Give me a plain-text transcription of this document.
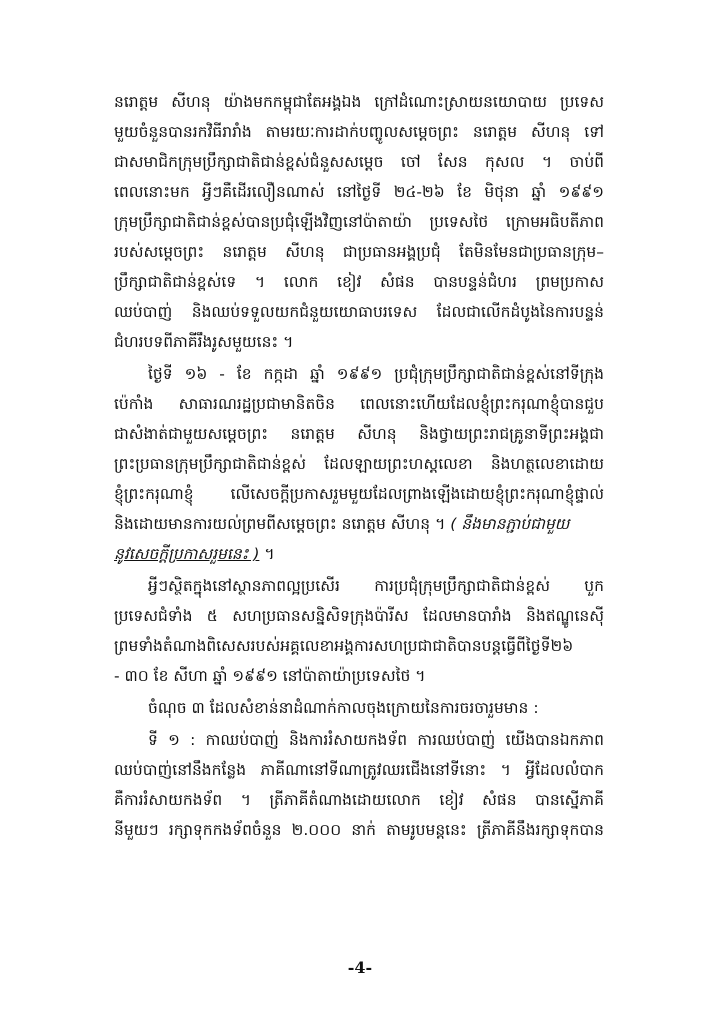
នរោត្ដម សីហនុ យ៉ាងមកកម្ពុជាតែអង្គឯង ក្រៅដំណោះស្រាយនយោបាយ ប្រទេស
មួយចំនួនបានរកវិធីរារាំង តាមរយៈការដាក់បញ្ចូលសម្ដេចព្រះ នរោត្ដម សីហនុ ទៅ
ជាសមាជិកក្រុមប្រឹក្សាជាតិជាន់ខ្ពស់ជំនួសសម្ដេច ចៅ សែន កុសល ។ ចាប់ពី
ពេលនោះមក អ្វីៗគឺដើរលឿនណាស់ នៅថ្ងៃទី ២៤-២៦ ខែ មិថុនា ឆ្នាំ ១៩៩១
ក្រុមប្រឹក្សាជាតិជាន់ខ្ពស់បានប្រជុំឡើងវិញនៅប៉ាតាយ៉ា ប្រទេសថៃ ក្រោមអធិបតីភាព
របស់សម្ដេចព្រះ នរោត្ដម សីហនុ ជាប្រធានអង្គប្រជុំ តែមិនមែនជាប្រធានក្រុម–
ប្រឹក្សាជាតិជាន់ខ្ពស់ទេ ។ លោក ខៀវ សំផន បានបន្ទន់ជំហរ ព្រមប្រកាស
ឈប់បាញ់ និងឈប់ទទួលយកជំនួយយោធាបរទេស ដែលជាលើកដំបូងនៃការបន្ទន់
ជំហរបទពីភាគីរឹងរូសមួយនេះ ។
ថ្ងៃទី ១៦ - ខែ កក្កដា ឆ្នាំ ១៩៩១ ប្រជុំក្រុមប្រឹក្សាជាតិជាន់ខ្ពស់នៅទីក្រុង
ប៉េកាំង សាធារណរដ្ឋប្រជាមានិតចិន ពេលនោះហើយដែលខ្ញុំព្រះករុណាខ្ញុំបានជួប
ជាសំងាត់ជាមួយសម្ដេចព្រះ នរោត្ដម សីហនុ និងថ្វាយព្រះរាជគ្រូនាទីព្រះអង្គជា
ព្រះប្រធានក្រុមប្រឹក្សាជាតិជាន់ខ្ពស់ ដែលឡាយព្រះហស្ដលេខា និងហត្ថលេខាដោយ
ខ្ញុំព្រះករុណាខ្ញុំ លើសេចក្ដីប្រកាសរួមមួយដែលព្រាងឡើងដោយខ្ញុំព្រះករុណាខ្ញុំផ្ទាល់
និងដោយមានការយល់ព្រមពីសម្ដេចព្រះ នរោត្ដម សីហនុ ។ ( នឹងមានភ្ជាប់ជាមួយ
នូវសេចក្ដីប្រកាសរួមនេះ ) ។
អ្វីៗស្ថិតក្នុងនៅស្ថានភាពល្អប្រសើរ ការប្រជុំក្រុមប្រឹក្សាជាតិជាន់ខ្ពស់ បួក
ប្រទេសជំទាំង ៥ សហប្រធានសន្និសិទក្រុងប៉ារីស ដែលមានបារាំង និងឥណ្ឌូនេស៊ី
ព្រមទាំងតំណាងពិសេសរបស់អគ្គលេខាអង្គការសហប្រជាជាតិបានបន្ដធ្វើពីថ្ងៃទី២៦
- ៣០ ខែ សីហា ឆ្នាំ ១៩៩១ នៅប៉ាតាយ៉ាប្រទេសថៃ ។
ចំណុច ៣ ដែលសំខាន់នាដំណាក់កាលចុងក្រោយនៃការចរចារួមមាន :
ទី ១ : កាឈប់បាញ់ និងការរំសាយកងទ័ព ការឈប់បាញ់ យើងបានឯកភាព
ឈប់បាញ់នៅនឹងកន្លែង ភាគីណានៅទីណាត្រូវឈរជើងនៅទីនោះ ។ អ្វីដែលលំបាក
គឺការរំសាយកងទ័ព ។ ត្រីភាគីតំណាងដោយលោក ខៀវ សំផន បានស្នើភាគី
នីមួយៗ រក្សាទុកកងទ័ពចំនួន ២.០០០ នាក់ តាមរូបមន្ដនេះ ត្រីភាគីនឹងរក្សាទុកបាន
-4-
